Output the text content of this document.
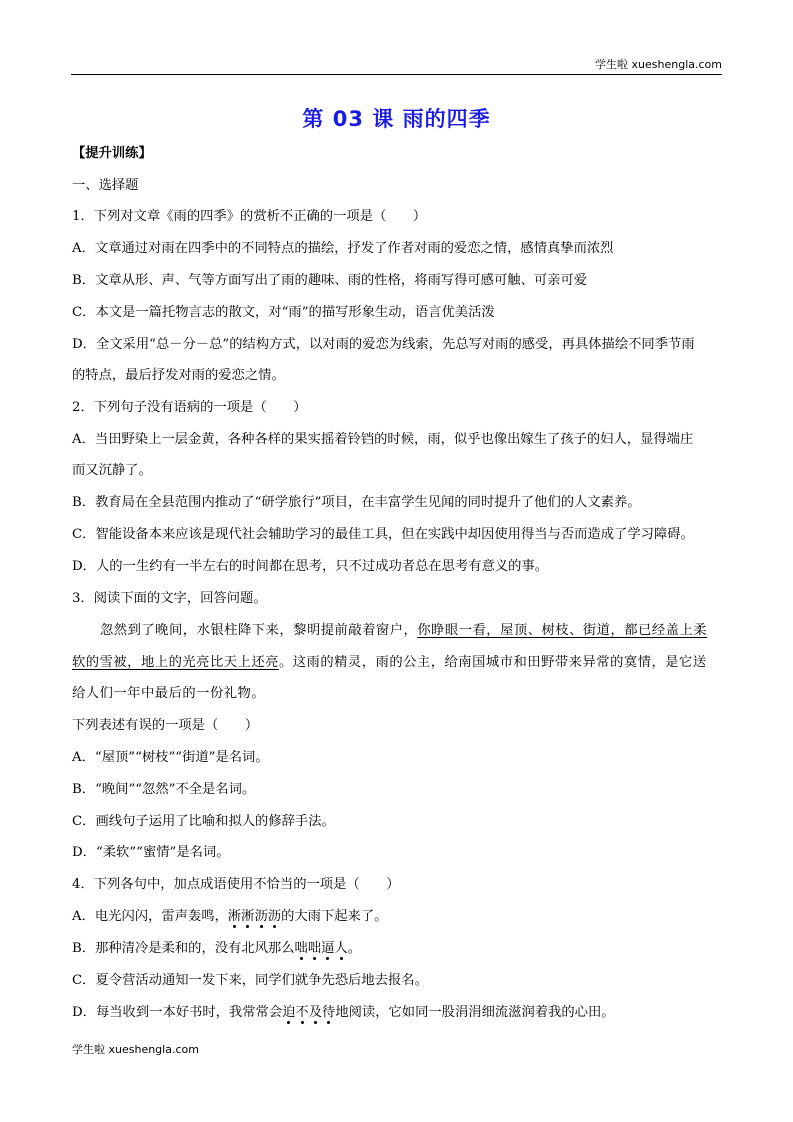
学生啦 xueshengla.com
第 03 课 雨的四季
【提升训练】
一、选择题
1．下列对文章《雨的四季》的赏析不正确的一项是（　　）
A．文章通过对雨在四季中的不同特点的描绘，抒发了作者对雨的爱恋之情，感情真挚而浓烈
B．文章从形、声、气等方面写出了雨的趣味、雨的性格，将雨写得可感可触、可亲可爱
C．本文是一篇托物言志的散文，对“雨”的描写形象生动，语言优美活泼
D．全文采用“总－分－总”的结构方式，以对雨的爱恋为线索，先总写对雨的感受，再具体描绘不同季节雨
的特点，最后抒发对雨的爱恋之情。
2．下列句子没有语病的一项是（　　）
A．当田野染上一层金黄，各种各样的果实摇着铃铛的时候，雨，似乎也像出嫁生了孩子的妇人，显得端庄
而又沉静了。
B．教育局在全县范围内推动了“研学旅行”项目，在丰富学生见闻的同时提升了他们的人文素养。
C．智能设备本来应该是现代社会辅助学习的最佳工具，但在实践中却因使用得当与否而造成了学习障碍。
D．人的一生约有一半左右的时间都在思考，只不过成功者总在思考有意义的事。
3．阅读下面的文字，回答问题。
忽然到了晚间，水银柱降下来，黎明提前敲着窗户，你睁眼一看，屋顶、树枝、街道，都已经盖上柔
软的雪被，地上的光亮比天上还亮。这雨的精灵，雨的公主，给南国城市和田野带来异常的寞情，是它送
给人们一年中最后的一份礼物。
下列表述有误的一项是（　　）
A．“屋顶”“树枝”“街道”是名词。
B．“晚间”“忽然”不全是名词。
C．画线句子运用了比喻和拟人的修辞手法。
D．“柔软”“蜜情”是名词。
4．下列各句中，加点成语使用不恰当的一项是（　　）
A．电光闪闪，雷声轰鸣，淅淅沥沥的大雨下起来了。
B．那种清冷是柔和的，没有北风那么咄咄逼人。
C．夏令营活动通知一发下来，同学们就争先恐后地去报名。
D．每当收到一本好书时，我常常会迫不及待地阅读，它如同一股涓涓细流滋润着我的心田。
学生啦 xueshengla.com
